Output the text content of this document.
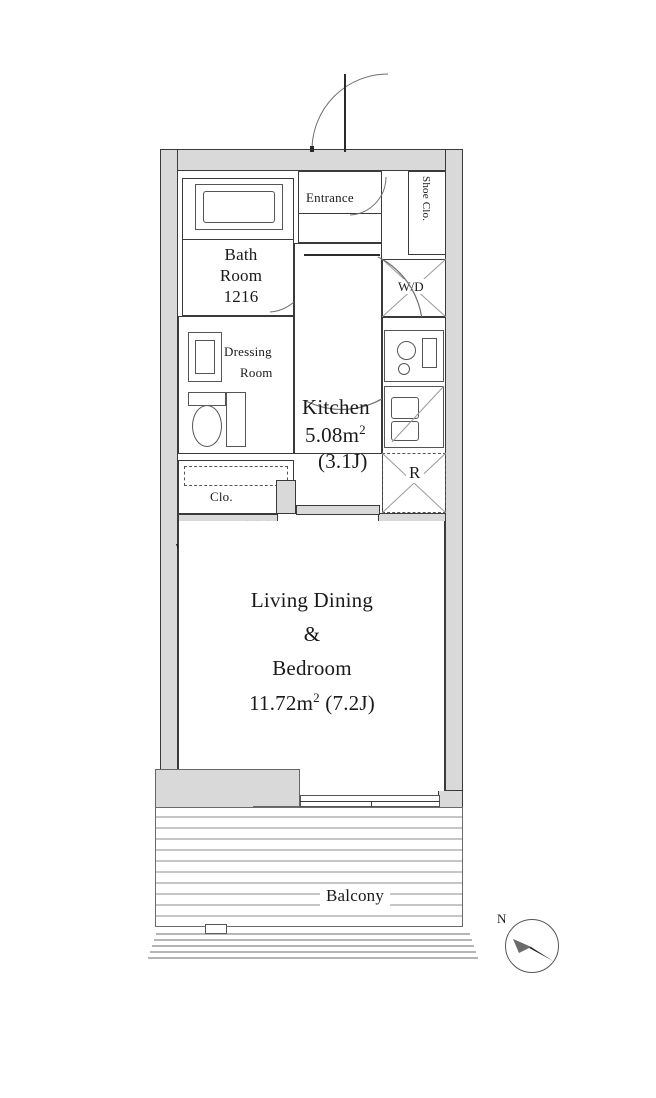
Entrance	Shoe Clo.
Bath
Room
1216
W/D
Dressing
Room
Kitchen
$5.08m^2$
(3.1J) R
Clo.
Living Dining
&
Bedroom
$11.72m^2$ (7.2J)
Balcony
N
